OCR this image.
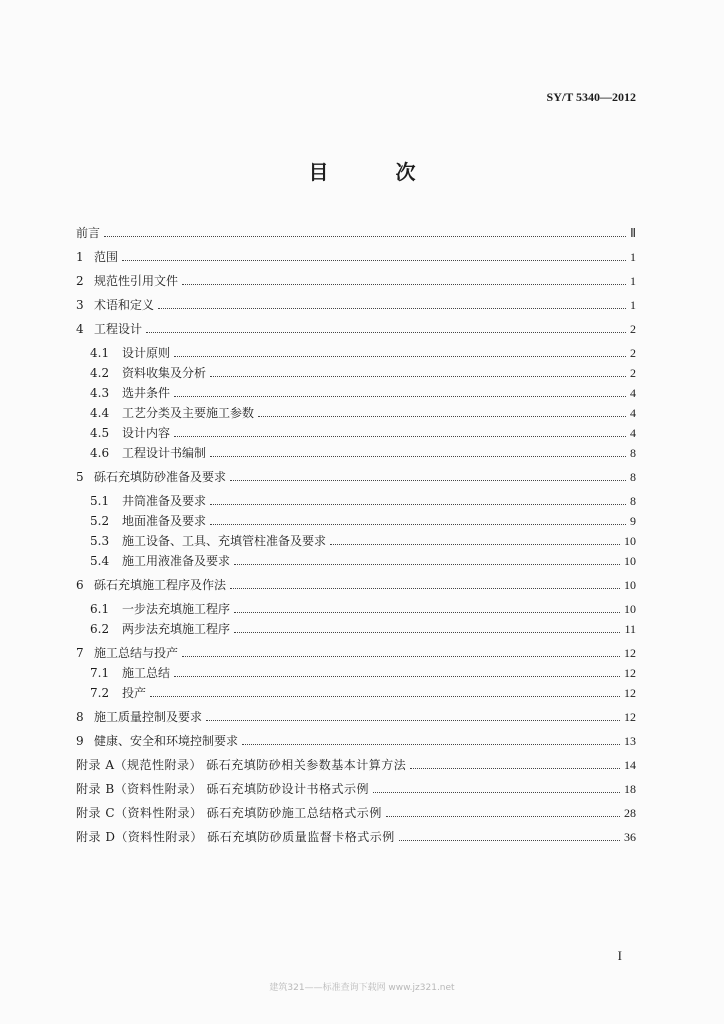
SY/T 5340—2012
目 次
前言	Ⅱ
1 范围	1
2 规范性引用文件	1
3 术语和定义	1
4 工程设计	2
4.1	设计原则	2
4.2	资料收集及分析	2
4.3	选井条件	4
4.4	工艺分类及主要施工参数	4
4.5	设计内容	4
4.6	工程设计书编制	8
5 砾石充填防砂准备及要求	8
5.1	井筒准备及要求	8
5.2	地面准备及要求	9
5.3	施工设备、工具、充填管柱准备及要求	10
5.4	施工用液准备及要求	10
6 砾石充填施工程序及作法	10
6.1	一步法充填施工程序	10
6.2	两步法充填施工程序	11
7 施工总结与投产	12
7.1	施工总结	12
7.2	投产	12
8 施工质量控制及要求	12
9 健康、安全和环境控制要求	13
附录 A（规范性附录） 砾石充填防砂相关参数基本计算方法	14
附录 B（资料性附录） 砾石充填防砂设计书格式示例	18
附录 C（资料性附录） 砾石充填防砂施工总结格式示例	28
附录 D（资料性附录） 砾石充填防砂质量监督卡格式示例	36
I
建筑321——标准查询下载网 www.jz321.net
